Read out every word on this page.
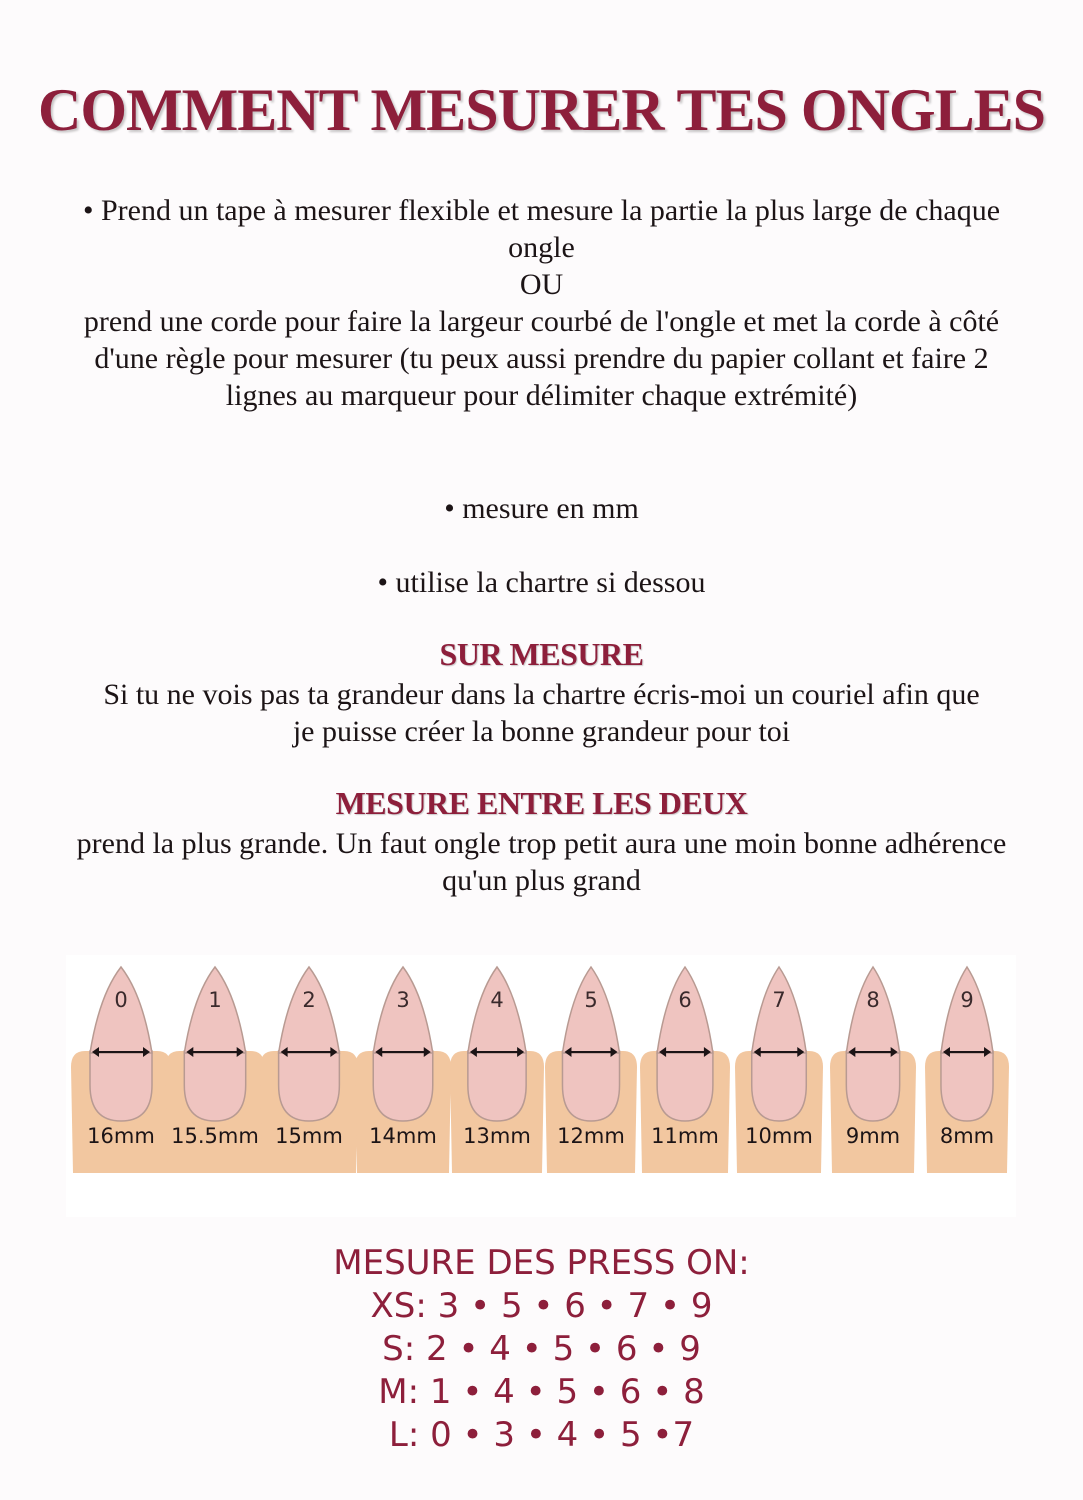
COMMENT MESURER TES ONGLES
• Prend un tape à mesurer flexible et mesure la partie la plus large de chaque ongle
OU
prend une corde pour faire la largeur courbé de l'ongle et met la corde à côté d'une règle pour mesurer (tu peux aussi prendre du papier collant et faire 2 lignes au marqueur pour délimiter chaque extrémité)
• mesure en mm
• utilise la chartre si dessou
SUR MESURE
Si tu ne vois pas ta grandeur dans la chartre écris-moi un couriel afin que je puisse créer la bonne grandeur pour toi
MESURE ENTRE LES DEUX
prend la plus grande. Un faut ongle trop petit aura une moin bonne adhérence qu'un plus grand
0
16mm
1
15.5mm
2
15mm
3
14mm
4
13mm
5
12mm
6
11mm
7
10mm
8
9mm
9
8mm
MESURE DES PRESS ON:
XS: 3 • 5 • 6 • 7 • 9
S: 2 • 4 • 5 • 6 • 9
M: 1 • 4 • 5 • 6 • 8
L: 0 • 3 • 4 • 5 •7
